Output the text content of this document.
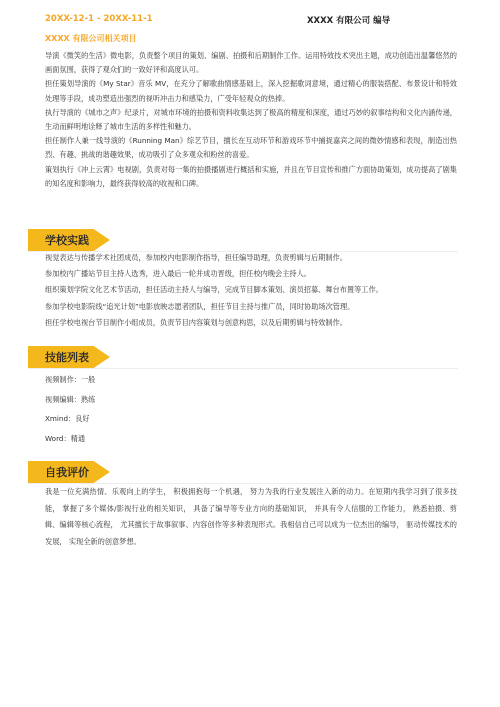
20XX-12-1 - 20XX-11-1	XXXX 有限公司 编导
XXXX 有限公司相关项目

导演《微笑的生活》微电影，负责整个项目的策划、编剧、拍摄和后期制作工作。运用特效技术突出主题，成功创造出温馨悠然的画面氛围，获得了观众们的一致好评和高度认可。

担任策划导演的《My Star》音乐 MV，在充分了解歌曲情感基础上，深入挖掘歌词意境，通过精心的服装搭配、布景设计和特效处理等手段，成功塑造出强烈的视听冲击力和感染力，广受年轻观众的热捧。

执行导演的《城市之声》纪录片，对城市环境的拍摄和资料收集达到了极高的精度和深度，通过巧妙的叙事结构和文化内涵传递，生动而鲜明地诠释了城市生活的多样性和魅力。

担任制作人兼一线导演的《Running Man》综艺节目，擅长在互动环节和游戏环节中捕捉嘉宾之间的微妙情感和表现，制造出热烈、有趣、挑战的谐趣效果，成功吸引了众多观众和粉丝的喜爱。

策划执行《冲上云霄》电视剧，负责对每一集的拍摄播剧进行概括和实施，并且在节目宣传和推广方面协助策划，成功提高了剧集的知名度和影响力，最终获得较高的收视和口碑。

学校实践

视觉表达与传播学术社团成员，参加校内电影制作指导，担任编导助理，负责剪辑与后期制作。

参加校内广播站节目主持人选秀，进入最后一轮并成功晋级，担任校内晚会主持人。

组织策划学院文化艺术节活动，担任活动主持人与编导，完成节目脚本策划、演员招募、舞台布置等工作。

参加学校电影院线“追光计划”电影放映志愿者团队，担任节目主持与推广员，同时协助场次管理。

担任学校电视台节目制作小组成员，负责节目内容策划与创意构思，以及后期剪辑与特效制作。

技能列表

视频制作：一般

视频编辑：熟练

Xmind：良好

Word：精通

自我评价

我是一位充满热情、乐观向上的学生， 积极拥抱每一个机遇， 努力为我的行业发展注入新的动力。在短期内我学习到了很多技能， 掌握了多个媒体/影视行业的相关知识， 具备了编导等专业方向的基础知识， 并具有令人信服的工作能力， 熟悉拍摄、剪辑、编辑等核心流程， 尤其擅长于故事叙事、内容创作等多种表现形式。我相信自己可以成为一位杰出的编导， 驱动传媒技术的发展， 实现全新的创意梦想。
